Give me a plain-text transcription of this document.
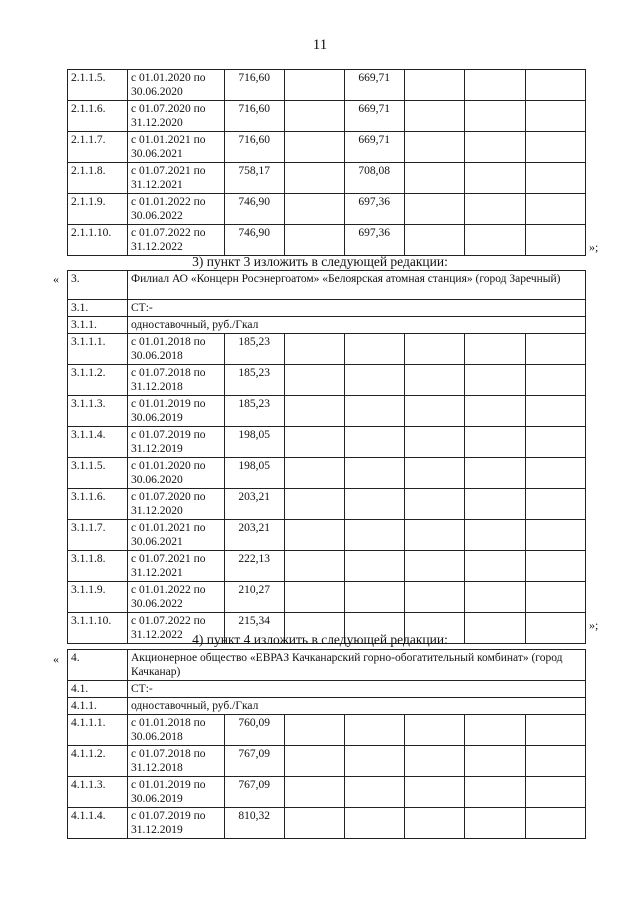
11
2.1.1.5.	с 01.01.2020 по 30.06.2020	716,60		669,71			
2.1.1.6.	с 01.07.2020 по 31.12.2020	716,60		669,71			
2.1.1.7.	с 01.01.2021 по 30.06.2021	716,60		669,71			
2.1.1.8.	с 01.07.2021 по 31.12.2021	758,17		708,08			
2.1.1.9.	с 01.01.2022 по 30.06.2022	746,90		697,36			
2.1.1.10.	с 01.07.2022 по 31.12.2022	746,90		697,36			
»;
3) пункт 3 изложить в следующей редакции:
« 3.	Филиал АО «Концерн Росэнергоатом» «Белоярская атомная станция» (город Заречный)						
3.1.	СТ:-						
3.1.1.	одноставочный, руб./Гкал						
3.1.1.1.	с 01.01.2018 по 30.06.2018	185,23					
3.1.1.2.	с 01.07.2018 по 31.12.2018	185,23					
3.1.1.3.	с 01.01.2019 по 30.06.2019	185,23					
3.1.1.4.	с 01.07.2019 по 31.12.2019	198,05					
3.1.1.5.	с 01.01.2020 по 30.06.2020	198,05					
3.1.1.6.	с 01.07.2020 по 31.12.2020	203,21					
3.1.1.7.	с 01.01.2021 по 30.06.2021	203,21					
3.1.1.8.	с 01.07.2021 по 31.12.2021	222,13					
3.1.1.9.	с 01.01.2022 по 30.06.2022	210,27					
3.1.1.10.	с 01.07.2022 по 31.12.2022	215,34						»;
4) пункт 4 изложить в следующей редакции:
« 4.	Акционерное общество «ЕВРАЗ Качканарский горно-обогатительный комбинат» (город Качканар)						
4.1.	СТ:-						
4.1.1.	одноставочный, руб./Гкал						
4.1.1.1.	с 01.01.2018 по 30.06.2018	760,09					
4.1.1.2.	с 01.07.2018 по 31.12.2018	767,09					
4.1.1.3.	с 01.01.2019 по 30.06.2019	767,09					
4.1.1.4.	с 01.07.2019 по 31.12.2019	810,32					
